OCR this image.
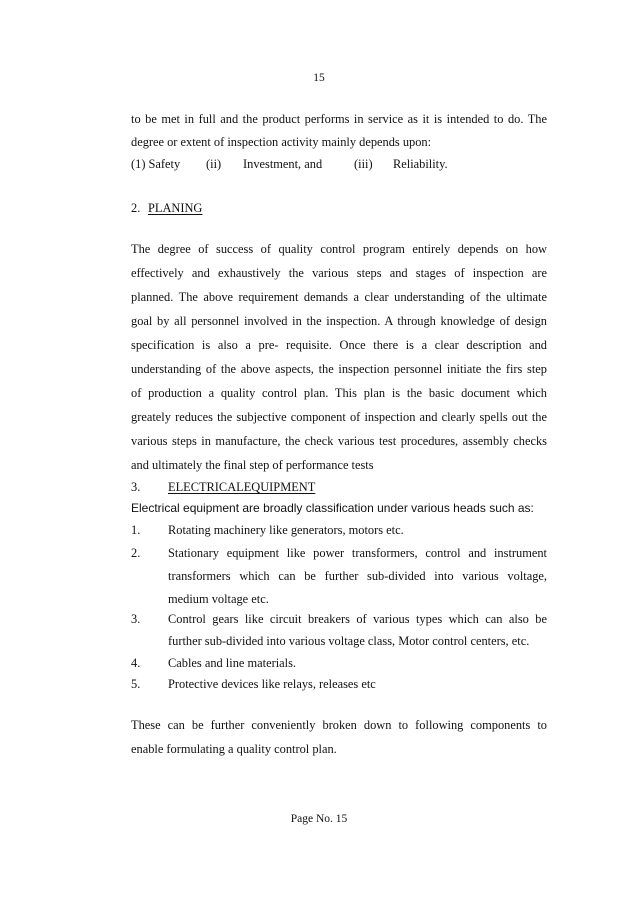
15
to be met in full and the product performs in service as it is intended to do. The
degree or extent of inspection activity mainly depends upon:
(1) Safety (ii) Investment, and	(iii) Reliability.
2. PLANING
The degree of success of quality control program entirely depends on how
effectively and exhaustively the various steps and stages of inspection are
planned. The above requirement demands a clear understanding of the ultimate
goal by all personnel involved in the inspection. A through knowledge of design
specification is also a pre- requisite. Once there is a clear description and
understanding of the above aspects, the inspection personnel initiate the firs step
of production a quality control plan. This plan is the basic document which
greately reduces the subjective component of inspection and clearly spells out the
various steps in manufacture, the check various test procedures, assembly checks
and ultimately the final step of performance tests
3. ELECTRICALEQUIPMENT
Electrical equipment are broadly classification under various heads such as:
1. Rotating machinery like generators, motors etc.
2. Stationary equipment like power transformers, control and instrument
transformers which can be further sub-divided into various voltage,
medium voltage etc.
3. Control gears like circuit breakers of various types which can also be
further sub-divided into various voltage class, Motor control centers, etc.
4. Cables and line materials.
5. Protective devices like relays, releases etc
These can be further conveniently broken down to following components to
enable formulating a quality control plan.
Page No. 15
